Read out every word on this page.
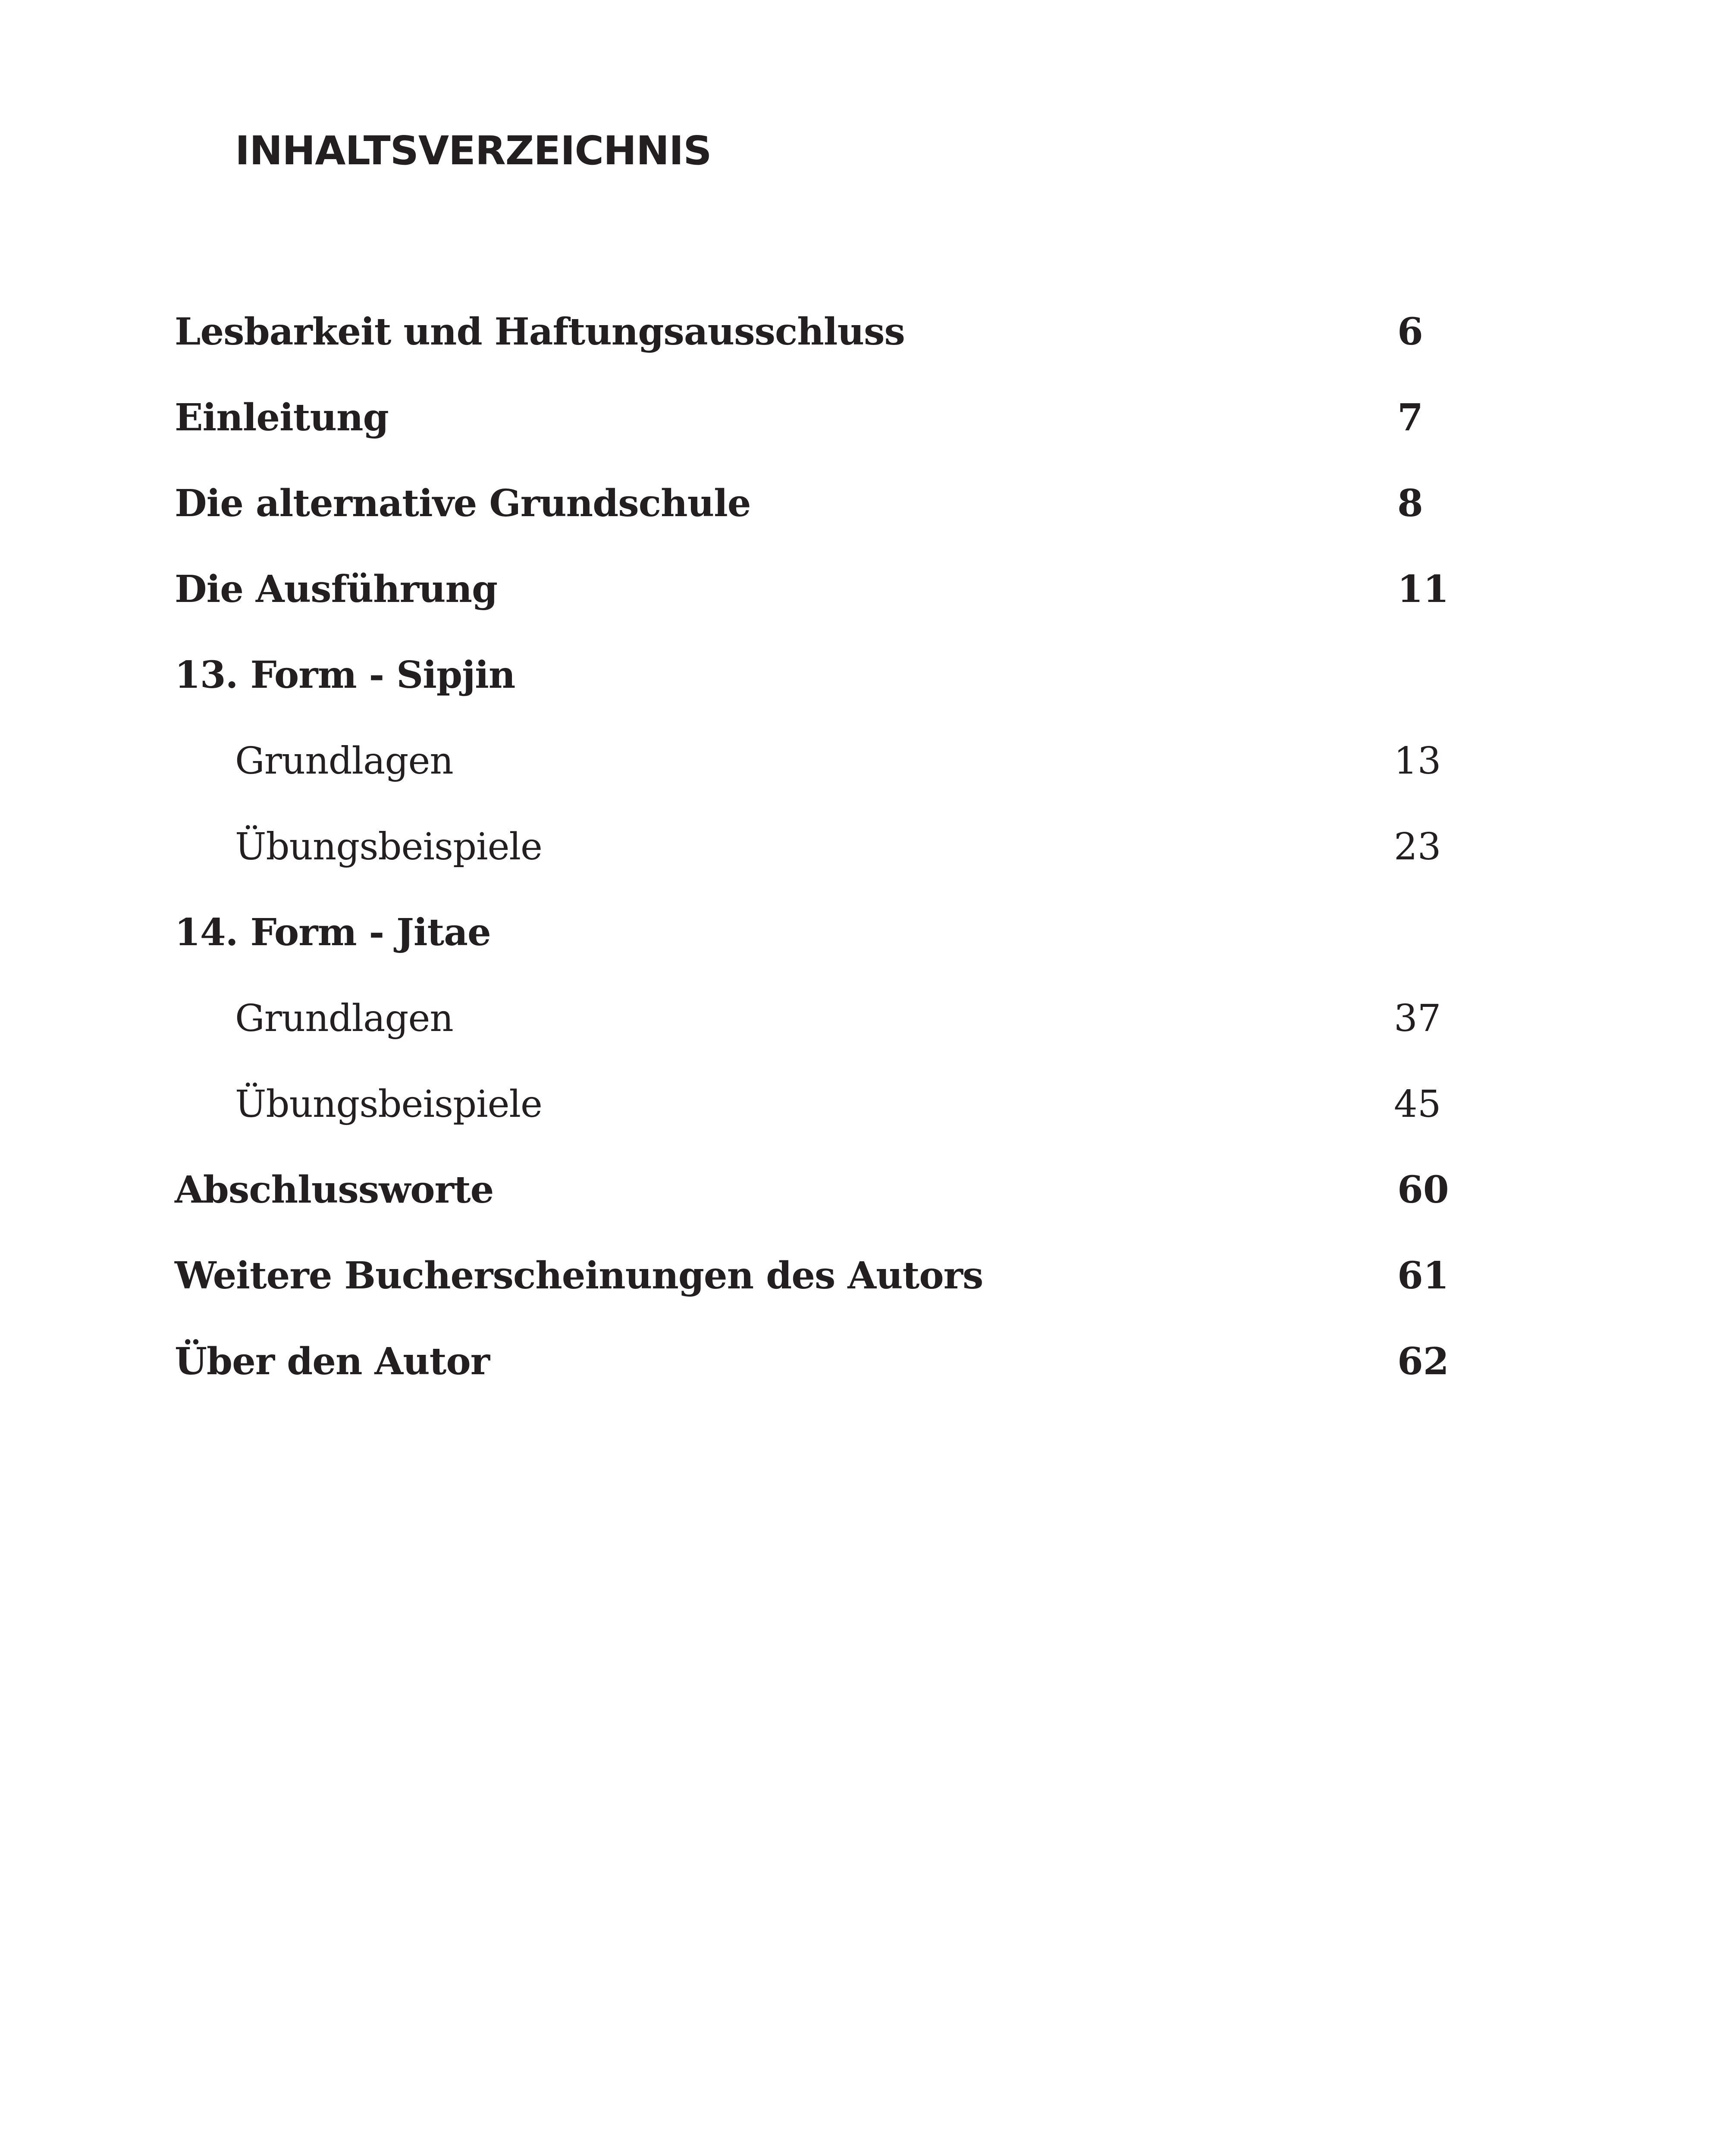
INHALTSVERZEICHNIS
Lesbarkeit und Haftungsausschluss	6
Einleitung	7
Die alternative Grundschule	8
Die Ausführung	11
13. Form - Sipjin
Grundlagen	13
Übungsbeispiele	23
14. Form - Jitae
Grundlagen	37
Übungsbeispiele	45
Abschlussworte	60
Weitere Bucherscheinungen des Autors	61
Über den Autor	62
